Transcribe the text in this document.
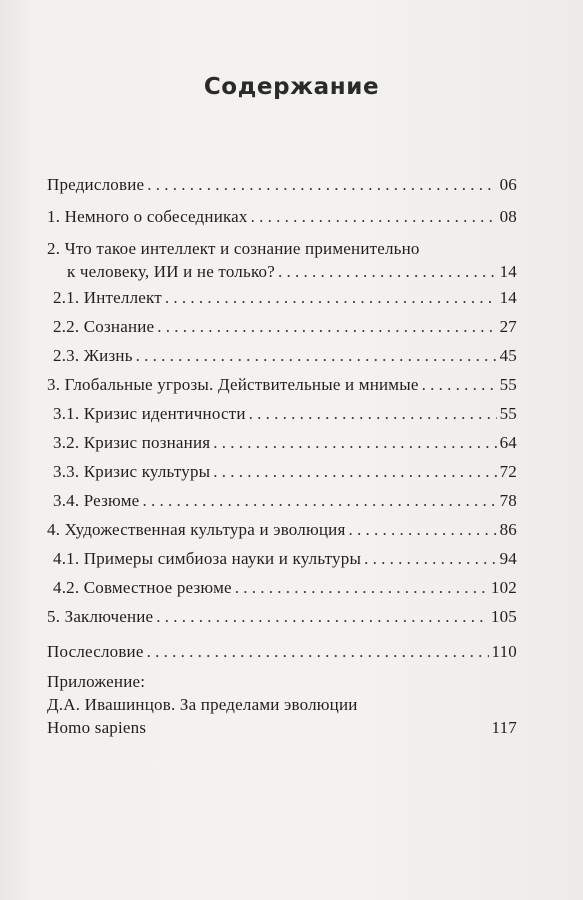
Содержание
Предисловие . . .	06
1. Немного о собеседниках . . .	08
2. Что такое интеллект и сознание применительно
к человеку, ИИ и не только? . . .	14
2.1. Интеллект . . .	14
2.2. Сознание . . .	27
2.3. Жизнь . . .	45
3. Глобальные угрозы. Действительные и мнимые . . .	55
3.1. Кризис идентичности . . .	55
3.2. Кризис познания . . .	64
3.3. Кризис культуры . . .	72
3.4. Резюме . . .	78
4. Художественная культура и эволюция . . .	86
4.1. Примеры симбиоза науки и культуры . . .	94
4.2. Совместное резюме . . .	102
5. Заключение . . .	105
Послесловие . . .	110
Приложение:
Д.А. Ивашинцов. За пределами эволюции
Homo sapiens	117
